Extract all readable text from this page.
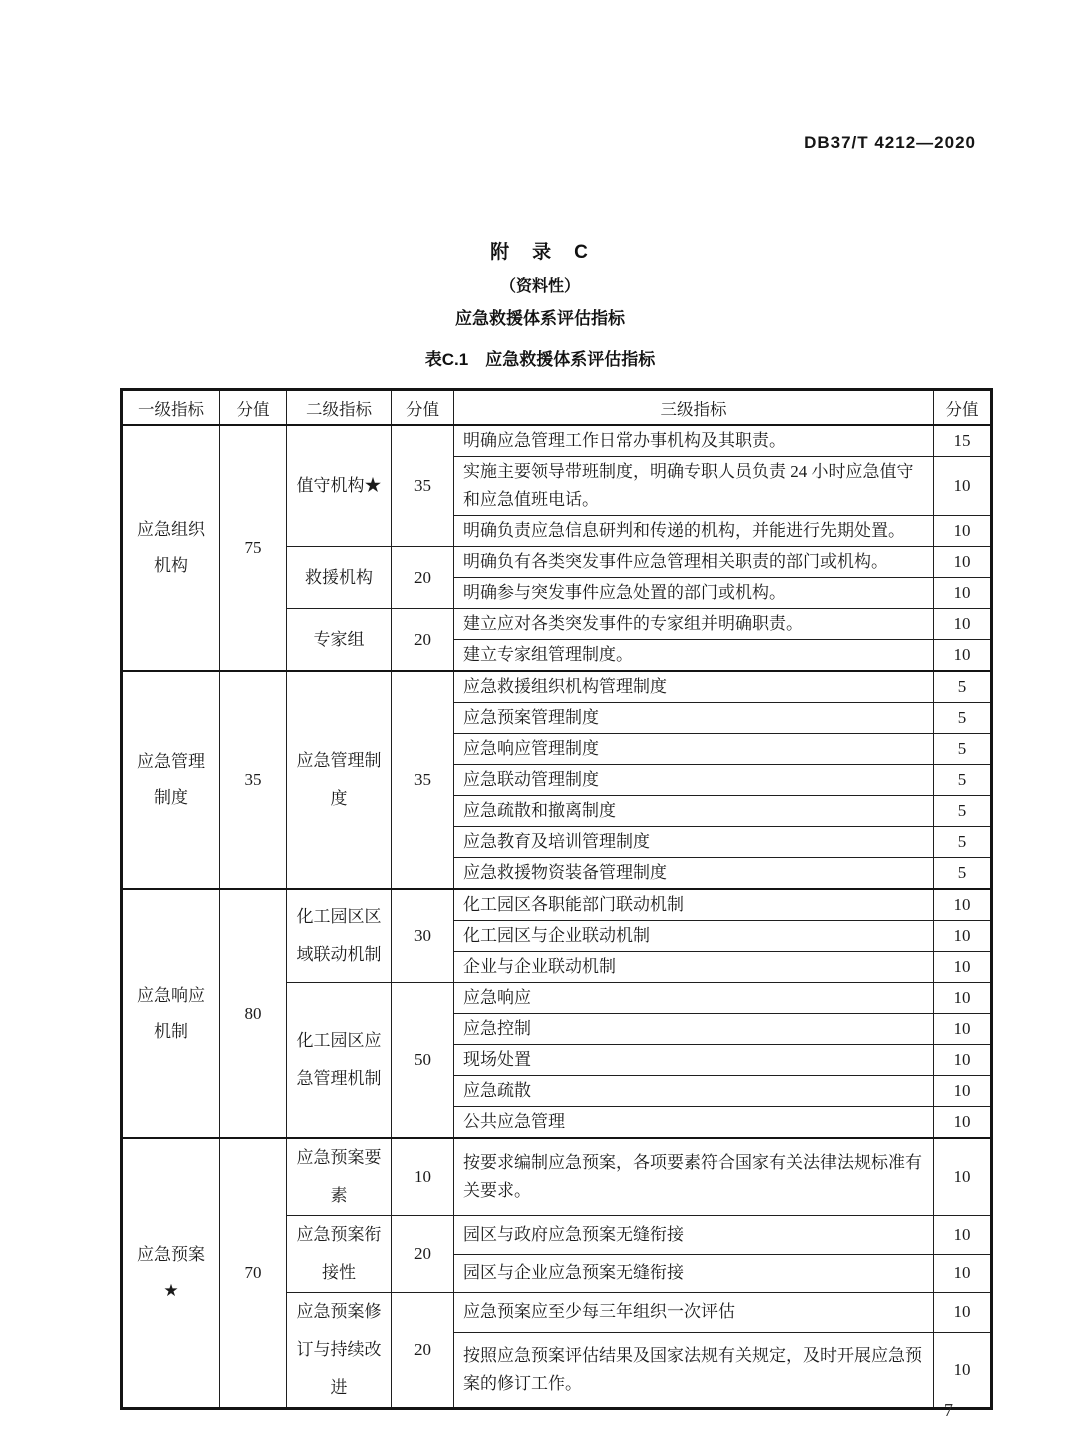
DB37/T 4212—2020
附　录　C
（资料性）
应急救援体系评估指标
表C.1　应急救援体系评估指标
一级指标	分值	二级指标	分值	三级指标	分值

应急组织
机构	75	值守机构★	35	明确应急管理工作日常办事机构及其职责。	15
				实施主要领导带班制度，明确专职人员负责 24 小时应急值守和应急值班电话。	10
				明确负责应急信息研判和传递的机构，并能进行先期处置。	10
		救援机构	20	明确负有各类突发事件应急管理相关职责的部门或机构。	10
				明确参与突发事件应急处置的部门或机构。	10
		专家组	20	建立应对各类突发事件的专家组并明确职责。	10
				建立专家组管理制度。	10

应急管理
制度	35	应急管理制度	35	应急救援组织机构管理制度	5
				应急预案管理制度	5
				应急响应管理制度	5
				应急联动管理制度	5
				应急疏散和撤离制度	5
				应急教育及培训管理制度	5
				应急救援物资装备管理制度	5

应急响应
机制	80	化工园区区域联动机制	30	化工园区各职能部门联动机制	10
				化工园区与企业联动机制	10
				企业与企业联动机制	10
		化工园区应急管理机制	50	应急响应	10
				应急控制	10
				现场处置	10
				应急疏散	10
				公共应急管理	10

应急预案
★	70	应急预案要素	10	按要求编制应急预案，各项要素符合国家有关法律法规标准有关要求。	10
		应急预案衔接性	20	园区与政府应急预案无缝衔接	10
				园区与企业应急预案无缝衔接	10
		应急预案修订与持续改进	20	应急预案应至少每三年组织一次评估	10
				按照应急预案评估结果及国家法规有关规定，及时开展应急预案的修订工作。	10
7
